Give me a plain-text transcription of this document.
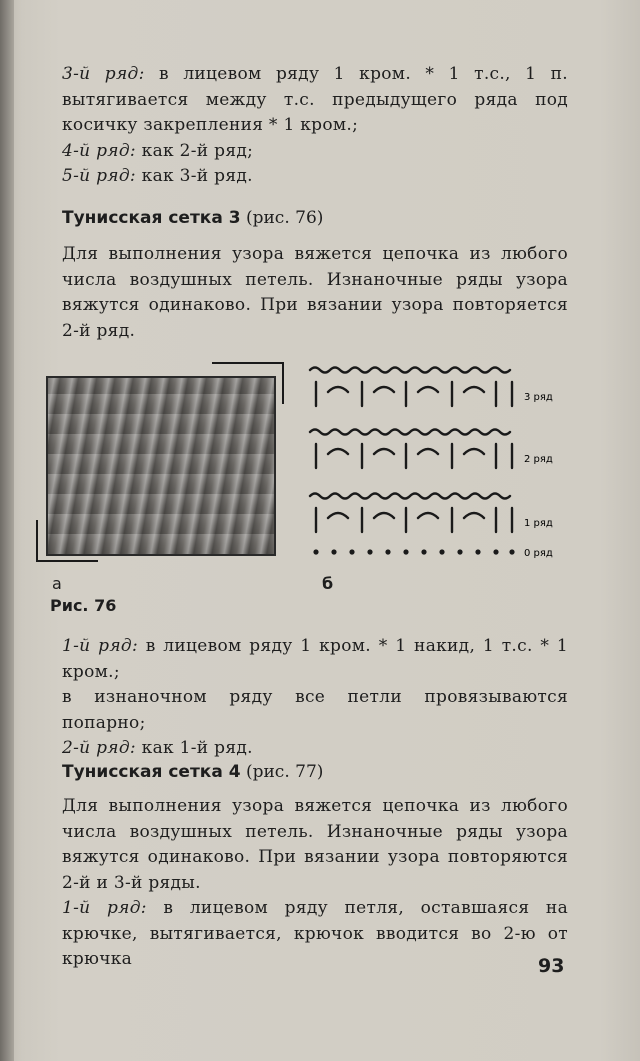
3-й ряд: в лицевом ряду 1 кром. * 1 т.с., 1 п. вытягивается между т.с. предыдущего ряда под косичку закрепления * 1 кром.;

4-й ряд: как 2-й ряд;

5-й ряд: как 3-й ряд.

Тунисская сетка 3 (рис. 76)

Для выполнения узора вяжется цепочка из любого числа воздушных петель. Изнаночные ряды узора вяжутся одинаково. При вязании узора повторяется 2-й ряд.

3 ряд
2 ряд
1 ряд
0 ряд
а	б
Рис. 76

1-й ряд: в лицевом ряду 1 кром. * 1 накид, 1 т.с. * 1 кром.;

в изнаночном ряду все петли провязываются попарно;

2-й ряд: как 1-й ряд.

Тунисская сетка 4 (рис. 77)

Для выполнения узора вяжется цепочка из любого числа воздушных петель. Изнаночные ряды узора вяжутся одинаково. При вязании узора повторяются 2-й и 3-й ряды.

1-й ряд: в лицевом ряду петля, оставшаяся на крючке, вытягивается, крючок вводится во 2-ю от крючка	93
